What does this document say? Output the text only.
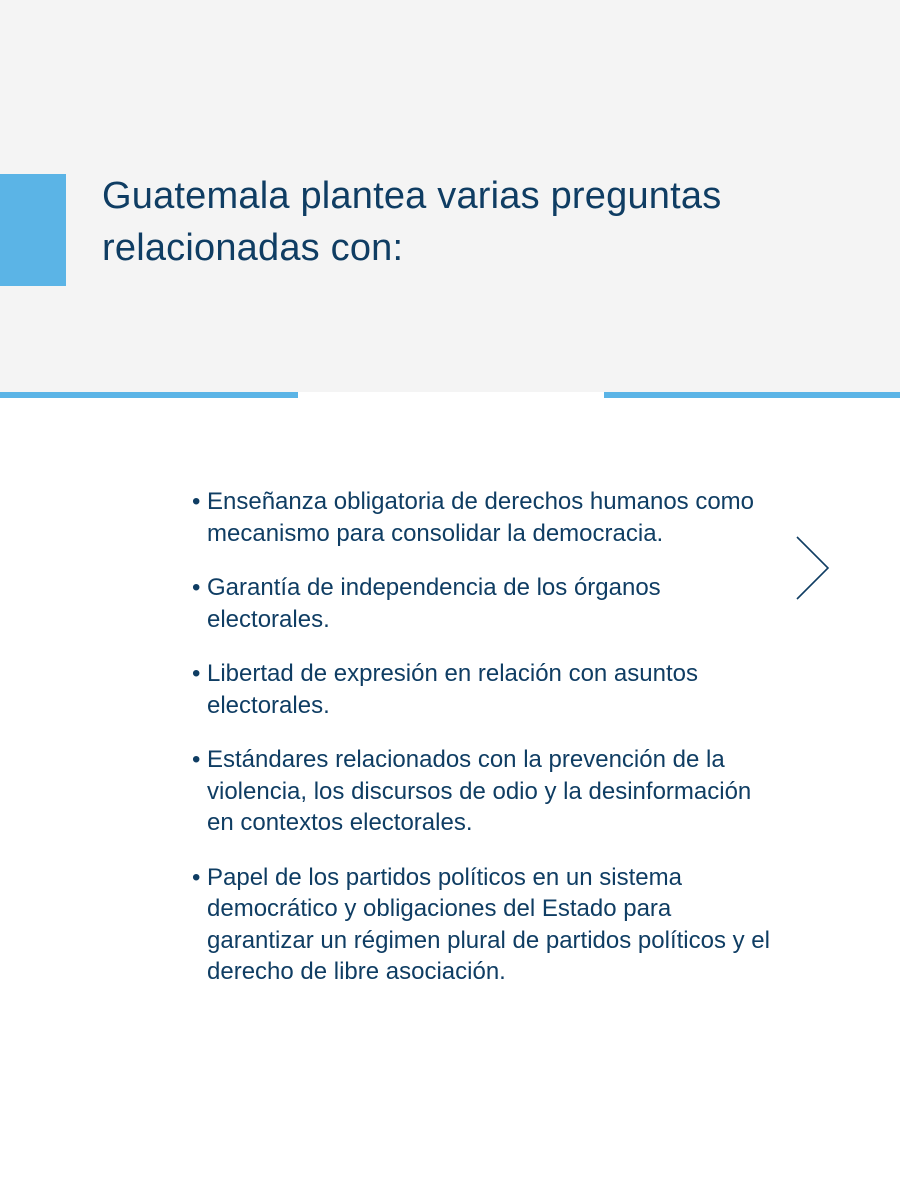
Guatemala plantea varias preguntas relacionadas con:
• Enseñanza obligatoria de derechos humanos como mecanismo para consolidar la democracia.
• Garantía de independencia de los órganos electorales.
• Libertad de expresión en relación con asuntos electorales.
• Estándares relacionados con la prevención de la violencia, los discursos de odio y la desinformación en contextos electorales.
• Papel de los partidos políticos en un sistema democrático y obligaciones del Estado para garantizar un régimen plural de partidos políticos y el derecho de libre asociación.
